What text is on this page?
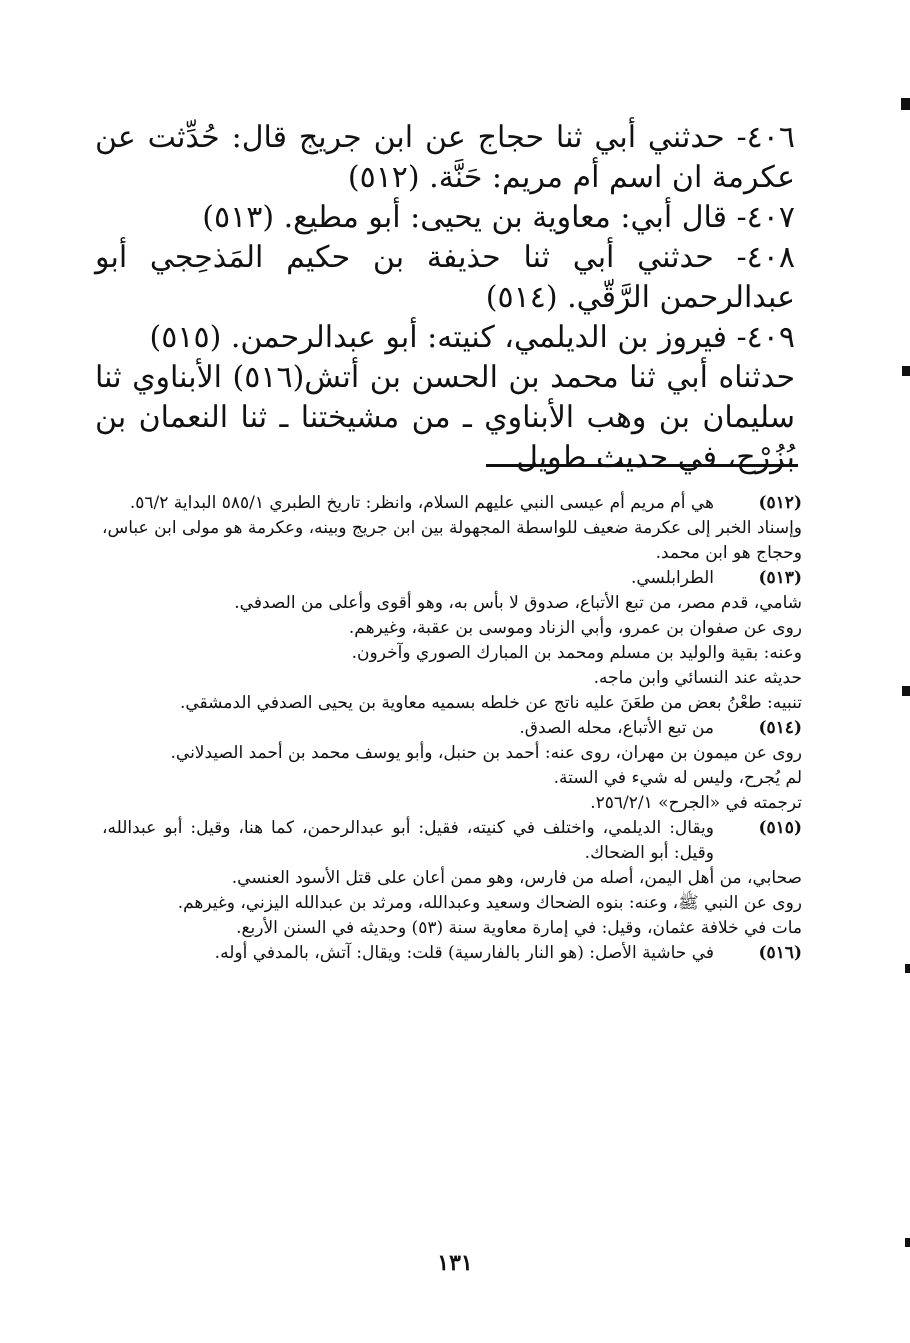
٤٠٦- حدثني أبي ثنا حجاج عن ابن جريج قال: حُدِّثت عن عكرمة ان اسم أم مريم: حَنَّة. (٥١٢)

٤٠٧- قال أبي: معاوية بن يحيى: أبو مطيع. (٥١٣)

٤٠٨- حدثني أبي ثنا حذيفة بن حكيم المَذحِجي أبو عبدالرحمن الرَّقّي. (٥١٤)

٤٠٩- فيروز بن الديلمي، كنيته: أبو عبدالرحمن. (٥١٥)

حدثناه أبي ثنا محمد بن الحسن بن أتش(٥١٦) الأبناوي ثنا سليمان بن وهب الأبناوي ـ من مشيختنا ـ ثنا النعمان بن بُزُرْج، في حديث طويل

(٥١٢)
هي أم مريم أم عيسى النبي عليهم السلام، وانظر: تاريخ الطبري ٥٨٥/١ البداية ٥٦/٢.
وإسناد الخبر إلى عكرمة ضعيف للواسطة المجهولة بين ابن جريج وبينه، وعكرمة هو مولى ابن عباس، وحجاج هو ابن محمد.
(٥١٣)
الطرابلسي.
شامي، قدم مصر، من تبع الأتباع، صدوق لا بأس به، وهو أقوى وأعلى من الصدفي.
روى عن صفوان بن عمرو، وأبي الزناد وموسى بن عقبة، وغيرهم.
وعنه: بقية والوليد بن مسلم ومحمد بن المبارك الصوري وآخرون.
حديثه عند النسائي وابن ماجه.
تنبيه: طعْنُ بعض من طعَنَ عليه ناتج عن خلطه بسميه معاوية بن يحيى الصدفي الدمشقي.
(٥١٤)
من تبع الأتباع، محله الصدق.
روى عن ميمون بن مهران، روى عنه: أحمد بن حنبل، وأبو يوسف محمد بن أحمد الصيدلاني.
لم يُجرح، وليس له شيء في الستة.
ترجمته في «الجرح» ٢٥٦/٢/١.
(٥١٥)
ويقال: الديلمي، واختلف في كنيته، فقيل: أبو عبدالرحمن، كما هنا، وقيل: أبو عبدالله، وقيل: أبو الضحاك.
صحابي، من أهل اليمن، أصله من فارس، وهو ممن أعان على قتل الأسود العنسي.
روى عن النبي ﷺ، وعنه: بنوه الضحاك وسعيد وعبدالله، ومرثد بن عبدالله اليزني، وغيرهم.
مات في خلافة عثمان، وقيل: في إمارة معاوية سنة (٥٣) وحديثه في السنن الأربع.
(٥١٦)
في حاشية الأصل: (هو النار بالفارسية) قلت: ويقال: آتش، بالمدفي أوله.
١٣١
